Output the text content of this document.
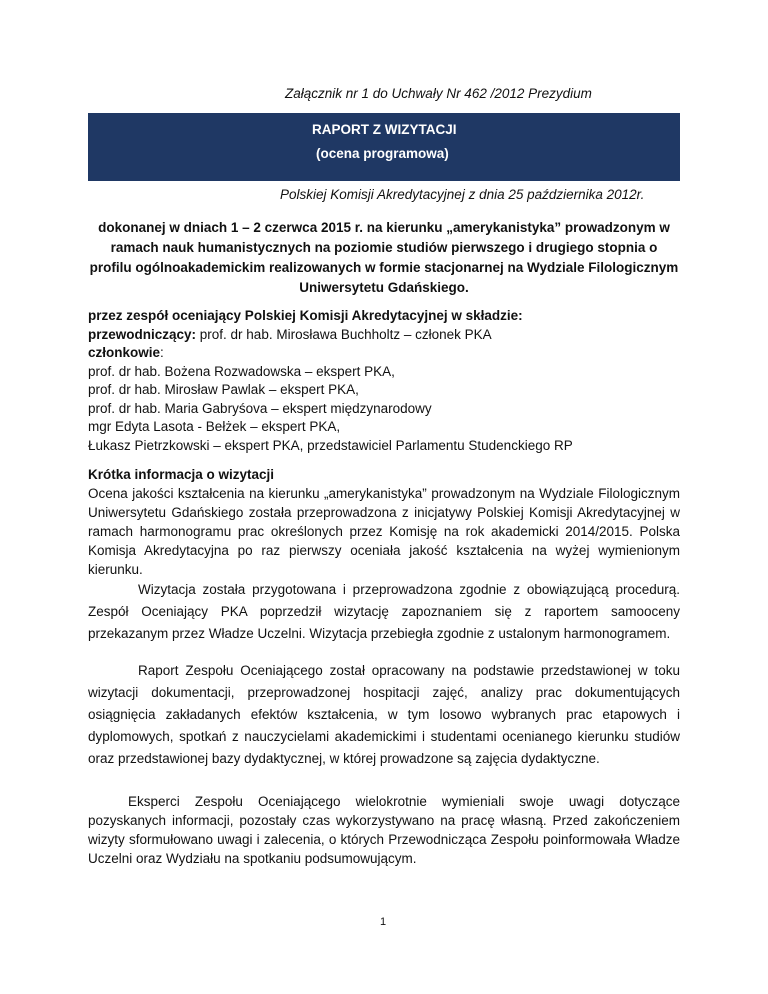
Załącznik nr 1 do Uchwały Nr 462 /2012 Prezydium
RAPORT Z WIZYTACJI
(ocena programowa)
Polskiej Komisji Akredytacyjnej z dnia 25 października 2012r.
dokonanej w dniach 1 – 2 czerwca 2015 r. na kierunku „amerykanistyka” prowadzonym w ramach nauk humanistycznych na poziomie studiów pierwszego i drugiego stopnia o profilu ogólnoakademickim realizowanych w formie stacjonarnej na Wydziale Filologicznym Uniwersytetu Gdańskiego.
przez zespół oceniający Polskiej Komisji Akredytacyjnej w składzie:
przewodniczący: prof. dr hab. Mirosława Buchholtz – członek PKA
członkowie:
prof. dr hab. Bożena Rozwadowska – ekspert PKA,
prof. dr hab. Mirosław Pawlak – ekspert PKA,
prof. dr hab. Maria Gabryśova – ekspert międzynarodowy
mgr Edyta Lasota - Bełżek – ekspert PKA,
Łukasz Pietrzkowski – ekspert PKA, przedstawiciel Parlamentu Studenckiego RP
Krótka informacja o wizytacji
Ocena jakości kształcenia na kierunku „amerykanistyka” prowadzonym na Wydziale Filologicznym Uniwersytetu Gdańskiego została przeprowadzona z inicjatywy Polskiej Komisji Akredytacyjnej w ramach harmonogramu prac określonych przez Komisję na rok akademicki 2014/2015. Polska Komisja Akredytacyjna po raz pierwszy oceniała jakość kształcenia na wyżej wymienionym kierunku.
Wizytacja została przygotowana i przeprowadzona zgodnie z obowiązującą procedurą. Zespół Oceniający PKA poprzedził wizytację zapoznaniem się z raportem samooceny przekazanym przez Władze Uczelni. Wizytacja przebiegła zgodnie z ustalonym harmonogramem.
Raport Zespołu Oceniającego został opracowany na podstawie przedstawionej w toku wizytacji dokumentacji, przeprowadzonej hospitacji zajęć, analizy prac dokumentujących osiągnięcia zakładanych efektów kształcenia, w tym losowo wybranych prac etapowych i dyplomowych, spotkań z nauczycielami akademickimi i studentami ocenianego kierunku studiów oraz przedstawionej bazy dydaktycznej, w której prowadzone są zajęcia dydaktyczne.
Eksperci Zespołu Oceniającego wielokrotnie wymieniali swoje uwagi dotyczące pozyskanych informacji, pozostały czas wykorzystywano na pracę własną. Przed zakończeniem wizyty sformułowano uwagi i zalecenia, o których Przewodnicząca Zespołu poinformowała Władze Uczelni oraz Wydziału na spotkaniu podsumowującym.
1
